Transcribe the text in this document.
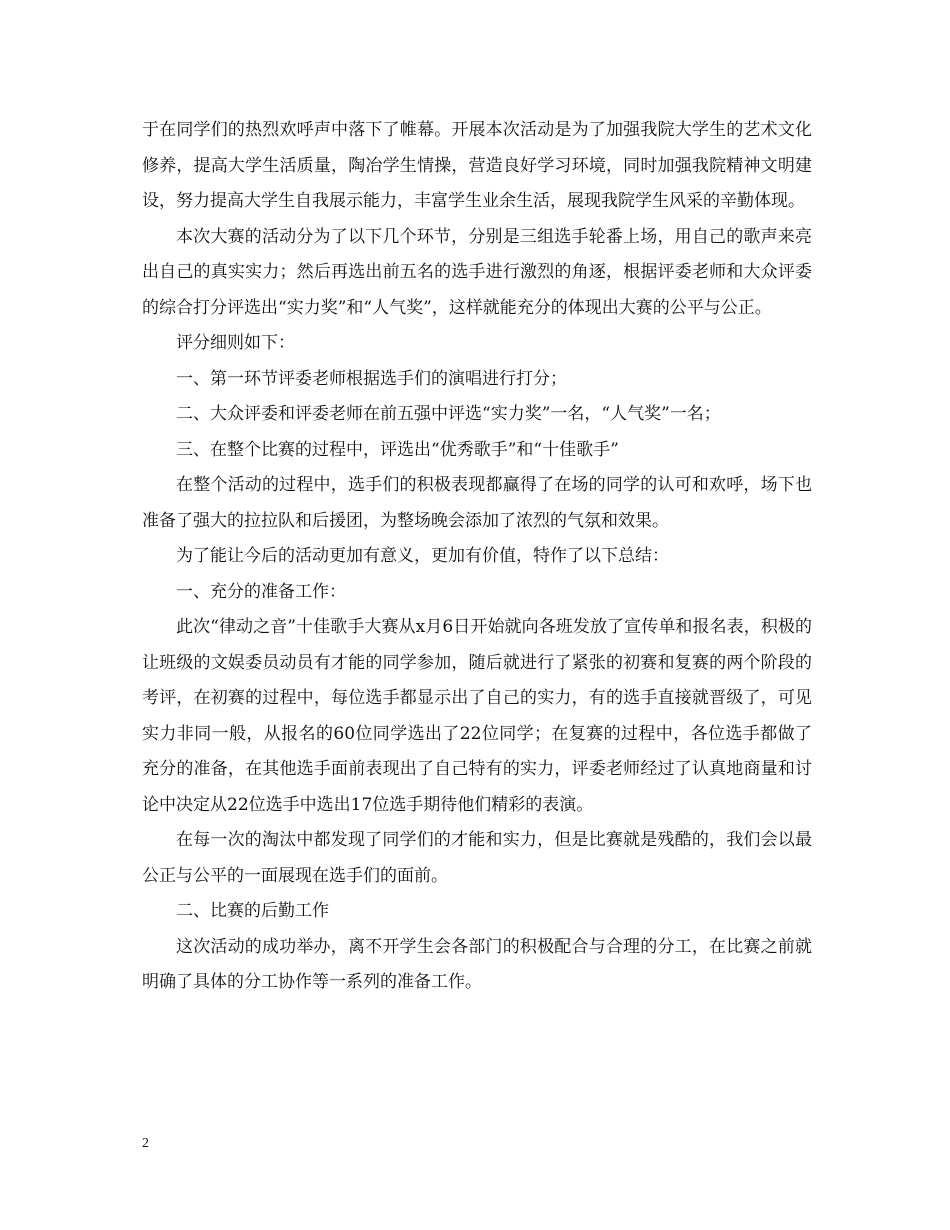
于在同学们的热烈欢呼声中落下了帷幕。开展本次活动是为了加强我院大学生的艺术文化修养，提高大学生活质量，陶冶学生情操，营造良好学习环境，同时加强我院精神文明建设，努力提高大学生自我展示能力，丰富学生业余生活，展现我院学生风采的辛勤体现。

本次大赛的活动分为了以下几个环节，分别是三组选手轮番上场，用自己的歌声来亮出自己的真实实力；然后再选出前五名的选手进行激烈的角逐，根据评委老师和大众评委的综合打分评选出“实力奖”和“人气奖”，这样就能充分的体现出大赛的公平与公正。

评分细则如下：

一、第一环节评委老师根据选手们的演唱进行打分；

二、大众评委和评委老师在前五强中评选“实力奖”一名，“人气奖”一名；

三、在整个比赛的过程中，评选出“优秀歌手”和“十佳歌手”

在整个活动的过程中，选手们的积极表现都赢得了在场的同学的认可和欢呼，场下也准备了强大的拉拉队和后援团，为整场晚会添加了浓烈的气氛和效果。

为了能让今后的活动更加有意义，更加有价值，特作了以下总结：

一、充分的准备工作：

此次“律动之音”十佳歌手大赛从x月6日开始就向各班发放了宣传单和报名表，积极的让班级的文娱委员动员有才能的同学参加，随后就进行了紧张的初赛和复赛的两个阶段的考评，在初赛的过程中，每位选手都显示出了自己的实力，有的选手直接就晋级了，可见实力非同一般，从报名的60位同学选出了22位同学；在复赛的过程中，各位选手都做了充分的准备，在其他选手面前表现出了自己特有的实力，评委老师经过了认真地商量和讨论中决定从22位选手中选出17位选手期待他们精彩的表演。

在每一次的淘汰中都发现了同学们的才能和实力，但是比赛就是残酷的，我们会以最公正与公平的一面展现在选手们的面前。

二、比赛的后勤工作

这次活动的成功举办，离不开学生会各部门的积极配合与合理的分工，在比赛之前就明确了具体的分工协作等一系列的准备工作。

2
